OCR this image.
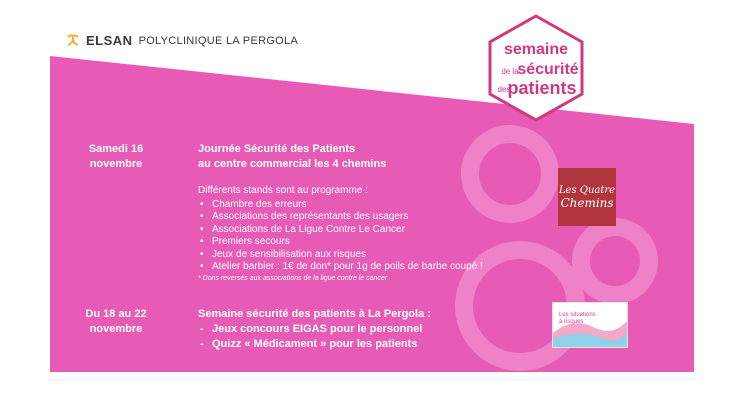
ELSAN POLYCLINIQUE LA PERGOLA
semaine
de la
sécurité
des
patients
Samedi 16
novembre
Journée Sécurité des Patients
au centre commercial les 4 chemins
Différents stands sont au programme :
• Chambre des erreurs
• Associations des représentants des usagers
• Associations de La Ligue Contre Le Cancer
• Premiers secours
• Jeux de sensibilisation aux risques
• Atelier barbier : 1€ de don* pour 1g de poils de barbe coupé !
* Dons reversés aux associations de la ligue contre le cancer
Les Quatre
Chemins
Du 18 au 22
novembre
Semaine sécurité des patients à La Pergola :
- Jeux concours EIGAS pour le personnel
- Quizz « Médicament » pour les patients
Les situations
à risques
